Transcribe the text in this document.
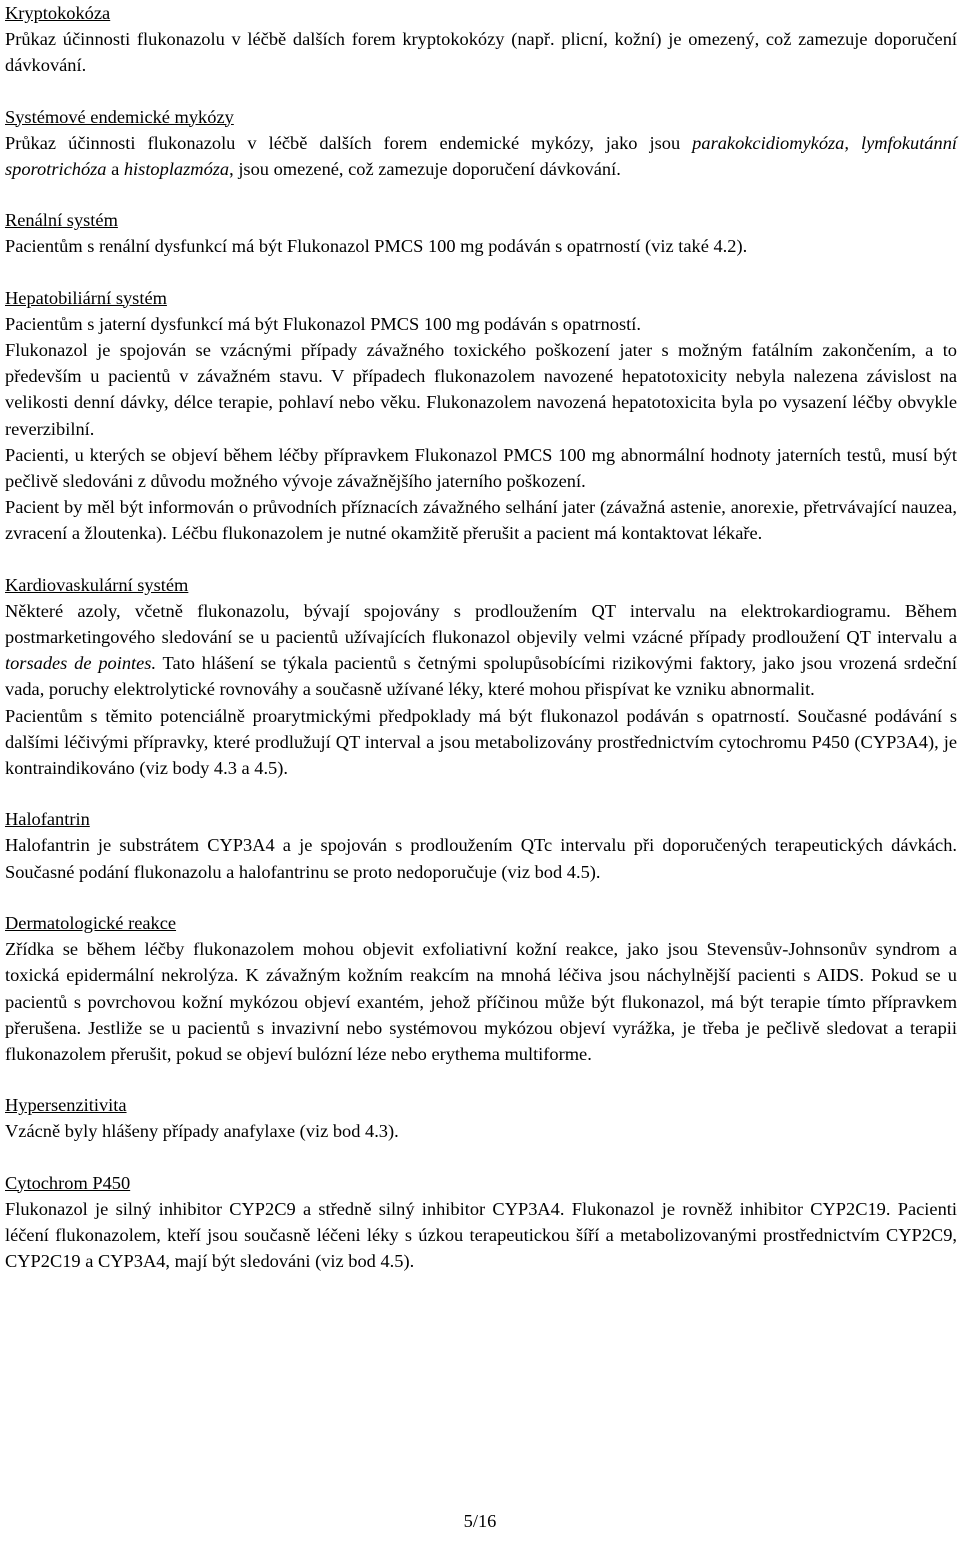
Kryptokokóza

Průkaz účinnosti flukonazolu v léčbě dalších forem kryptokokózy (např. plicní, kožní) je omezený, což zamezuje doporučení dávkování.

Systémové endemické mykózy

Průkaz účinnosti flukonazolu v léčbě dalších forem endemické mykózy, jako jsou parakokcidiomykóza, lymfokutánní sporotrichóza a histoplazmóza, jsou omezené, což zamezuje doporučení dávkování.

Renální systém

Pacientům s renální dysfunkcí má být Flukonazol PMCS 100 mg podáván s opatrností (viz také 4.2).

Hepatobiliární systém

Pacientům s jaterní dysfunkcí má být Flukonazol PMCS 100 mg podáván s opatrností.

Flukonazol je spojován se vzácnými případy závažného toxického poškození jater s možným fatálním zakončením, a to především u pacientů v závažném stavu. V případech flukonazolem navozené hepatotoxicity nebyla nalezena závislost na velikosti denní dávky, délce terapie, pohlaví nebo věku. Flukonazolem navozená hepatotoxicita byla po vysazení léčby obvykle reverzibilní.

Pacienti, u kterých se objeví během léčby přípravkem Flukonazol PMCS 100 mg abnormální hodnoty jaterních testů, musí být pečlivě sledováni z důvodu možného vývoje závažnějšího jaterního poškození.

Pacient by měl být informován o průvodních příznacích závažného selhání jater (závažná astenie, anorexie, přetrvávající nauzea, zvracení a žloutenka). Léčbu flukonazolem je nutné okamžitě přerušit a pacient má kontaktovat lékaře.

Kardiovaskulární systém

Některé azoly, včetně flukonazolu, bývají spojovány s prodloužením QT intervalu na elektrokardiogramu. Během postmarketingového sledování se u pacientů užívajících flukonazol objevily velmi vzácné případy prodloužení QT intervalu a torsades de pointes. Tato hlášení se týkala pacientů s četnými spolupůsobícími rizikovými faktory, jako jsou vrozená srdeční vada, poruchy elektrolytické rovnováhy a současně užívané léky, které mohou přispívat ke vzniku abnormalit.

Pacientům s těmito potenciálně proarytmickými předpoklady má být flukonazol podáván s opatrností. Současné podávání s dalšími léčivými přípravky, které prodlužují QT interval a jsou metabolizovány prostřednictvím cytochromu P450 (CYP3A4), je kontraindikováno (viz body 4.3 a 4.5).

Halofantrin

Halofantrin je substrátem CYP3A4 a je spojován s prodloužením QTc intervalu při doporučených terapeutických dávkách. Současné podání flukonazolu a halofantrinu se proto nedoporučuje (viz bod 4.5).

Dermatologické reakce

Zřídka se během léčby flukonazolem mohou objevit exfoliativní kožní reakce, jako jsou Stevensův-Johnsonův syndrom a toxická epidermální nekrolýza. K závažným kožním reakcím na mnohá léčiva jsou náchylnější pacienti s AIDS. Pokud se u pacientů s povrchovou kožní mykózou objeví exantém, jehož příčinou může být flukonazol, má být terapie tímto přípravkem přerušena. Jestliže se u pacientů s invazivní nebo systémovou mykózou objeví vyrážka, je třeba je pečlivě sledovat a terapii flukonazolem přerušit, pokud se objeví bulózní léze nebo erythema multiforme.

Hypersenzitivita

Vzácně byly hlášeny případy anafylaxe (viz bod 4.3).

Cytochrom P450

Flukonazol je silný inhibitor CYP2C9 a středně silný inhibitor CYP3A4. Flukonazol je rovněž inhibitor CYP2C19. Pacienti léčení flukonazolem, kteří jsou současně léčeni léky s úzkou terapeutickou šíří a metabolizovanými prostřednictvím CYP2C9, CYP2C19 a CYP3A4, mají být sledováni (viz bod 4.5).

5/16
